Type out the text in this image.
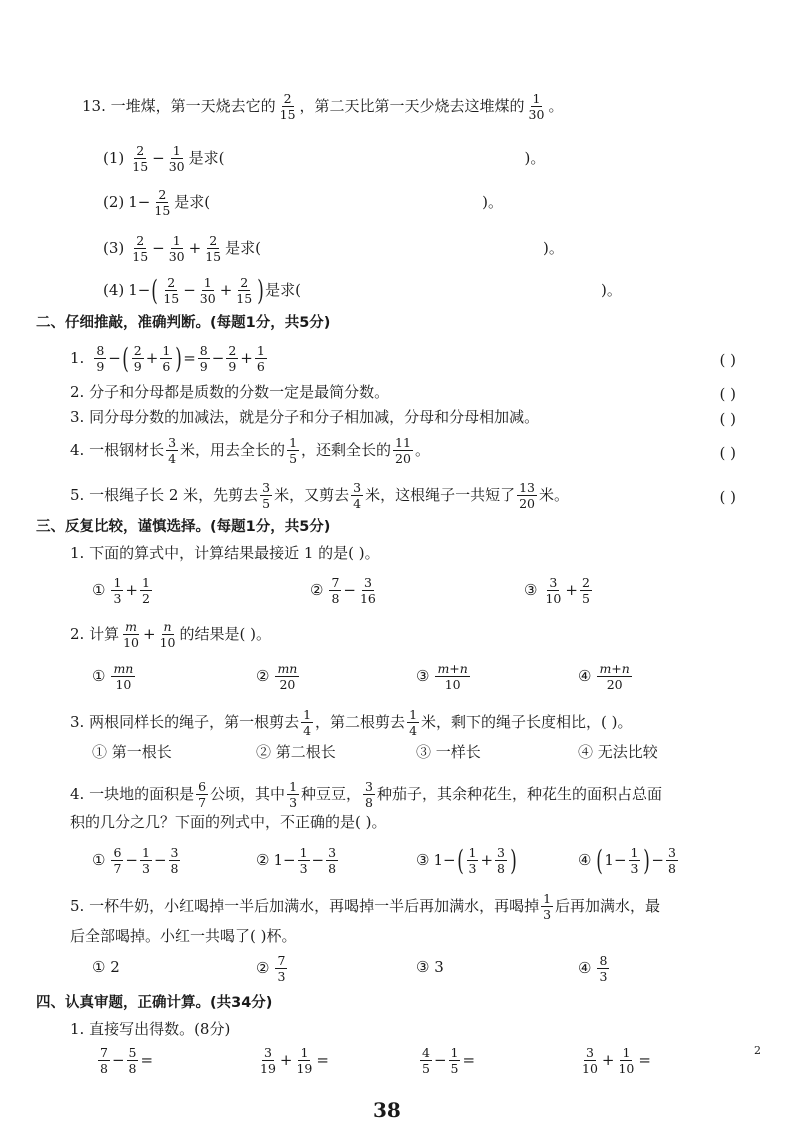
13. 一堆煤，第一天烧去它的 $\frac{2}{15}$ ，第二天比第一天少烧去这堆煤的 $\frac{1}{30}$ 。
$(1) \frac{2}{15} - \frac{1}{30}$ 是求(	)。
(2) $1 - \frac{2}{15}$ 是求(	)。
$(3) \frac{2}{15} - \frac{1}{30} + \frac{2}{15}$ 是求(	)。
(4) 1 − ( $\frac{2}{15} - \frac{1}{30} + \frac{2}{15}$ ) 是求(	)。
二、仔细推敲，准确判断。(每题1分，共5分)
1. $\frac{8}{9}$ − ( $\frac{2}{9} + \frac{1}{6}$ ) = $\frac{8}{9} - \frac{2}{9} + \frac{1}{6}$	( )
2. 分子和分母都是质数的分数一定是最简分数。	( )
3. 同分母分数的加减法，就是分子和分子相加减，分母和分母相加减。	( )
4. 一根钢材长 $\frac{3}{4}$ 米，用去全长的 $\frac{1}{5}$ ，还剩全长的 $\frac{11}{20}$ 。	( )
5. 一根绳子长 2 米，先剪去 $\frac{3}{5}$ 米，又剪去 $\frac{3}{4}$ 米，这根绳子一共短了 $\frac{13}{20}$ 米。	( )
三、反复比较，谨慎选择。(每题1分，共5分)
1. 下面的算式中，计算结果最接近 1 的是( )。
① $\frac{1}{3} + \frac{1}{2}$	② $\frac{7}{8} - \frac{3}{16}$	③ $\frac{3}{10} + \frac{2}{5}$
2. 计算 $\frac{m}{10} + \frac{n}{10}$ 的结果是( )。
① $\frac{mn}{10}$	② $\frac{mn}{20}$	③ $\frac{m+n}{10}$	④ $\frac{m+n}{20}$
3. 两根同样长的绳子，第一根剪去 $\frac{1}{4}$ ，第二根剪去 $\frac{1}{4}$ 米，剩下的绳子长度相比，( )。
① 第一根长	② 第二根长	③ 一样长	④ 无法比较
4. 一块地的面积是 $\frac{6}{7}$ 公顷，其中 $\frac{1}{3}$ 种豆豆， $\frac{3}{8}$ 种茄子，其余种花生，种花生的面积占总面
积的几分之几？下面的列式中，不正确的是( )。
① $\frac{6}{7} - \frac{1}{3} - \frac{3}{8}$	② $1 - \frac{1}{3} - \frac{3}{8}$	③ 1 − ( $\frac{1}{3} + \frac{3}{8}$ )	④ ( $1 - \frac{1}{3}$ ) − $\frac{3}{8}$
5. 一杯牛奶，小红喝掉一半后加满水，再喝掉一半后再加满水，再喝掉 $\frac{1}{3}$ 后再加满水，最
后全部喝掉。小红一共喝了( )杯。
① 2	② $\frac{7}{3}$	③ 3	④ $\frac{8}{3}$
四、认真审题，正确计算。(共34分)
1. 直接写出得数。(8分)
$\frac{7}{8} - \frac{5}{8}$ =	$\frac{3}{19} + \frac{1}{19}$ =	$\frac{4}{5} - \frac{1}{5}$ =	$\frac{3}{10} + \frac{1}{10}$ =
2
38
